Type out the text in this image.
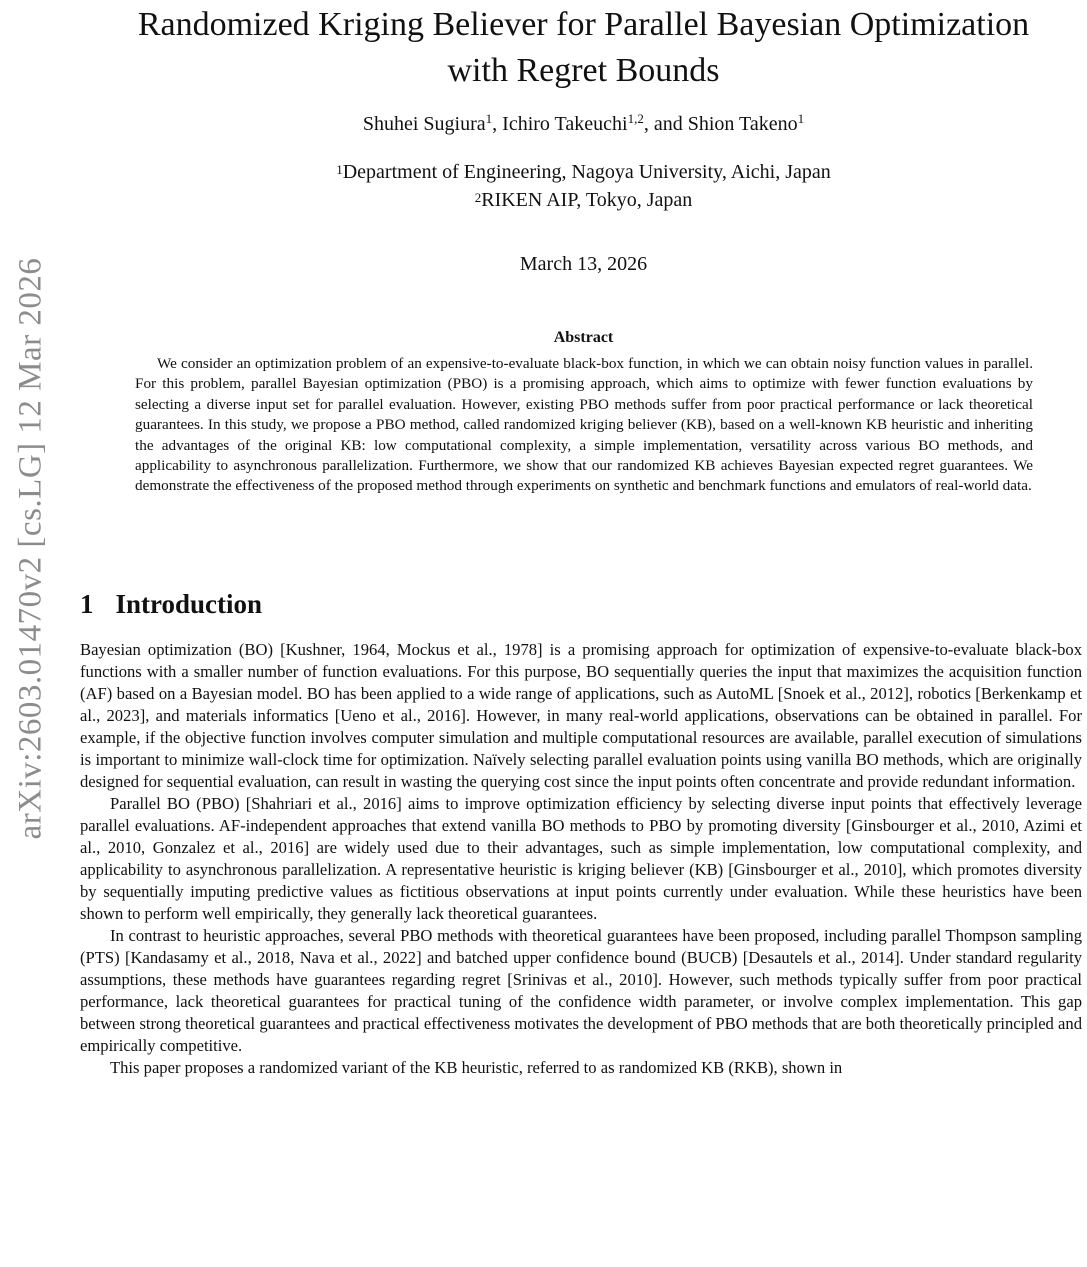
arXiv:2603.01470v2 [cs.LG] 12 Mar 2026
Randomized Kriging Believer for Parallel Bayesian Optimization
with Regret Bounds
Shuhei Sugiura$^1$, Ichiro Takeuchi$^{1,2}$, and Shion Takeno$^1$
$^1$Department of Engineering, Nagoya University, Aichi, Japan
$^2$RIKEN AIP, Tokyo, Japan
March 13, 2026
Abstract

We consider an optimization problem of an expensive-to-evaluate black-box function, in which we can obtain noisy function values in parallel. For this problem, parallel Bayesian optimization (PBO) is a promising approach, which aims to optimize with fewer function evaluations by selecting a diverse input set for parallel evaluation. However, existing PBO methods suffer from poor practical performance or lack theoretical guarantees. In this study, we propose a PBO method, called randomized kriging believer (KB), based on a well-known KB heuristic and inheriting the advantages of the original KB: low computational complexity, a simple implementation, versatility across various BO methods, and applicability to asynchronous parallelization. Furthermore, we show that our randomized KB achieves Bayesian expected regret guarantees. We demonstrate the effectiveness of the proposed method through experiments on synthetic and benchmark functions and emulators of real-world data.

1 Introduction

Bayesian optimization (BO) [Kushner, 1964, Mockus et al., 1978] is a promising approach for optimization of expensive-to-evaluate black-box functions with a smaller number of function evaluations. For this purpose, BO sequentially queries the input that maximizes the acquisition function (AF) based on a Bayesian model. BO has been applied to a wide range of applications, such as AutoML [Snoek et al., 2012], robotics [Berkenkamp et al., 2023], and materials informatics [Ueno et al., 2016]. However, in many real-world applications, observations can be obtained in parallel. For example, if the objective function involves computer simulation and multiple computational resources are available, parallel execution of simulations is important to minimize wall-clock time for optimization. Naïvely selecting parallel evaluation points using vanilla BO methods, which are originally designed for sequential evaluation, can result in wasting the querying cost since the input points often concentrate and provide redundant information.

Parallel BO (PBO) [Shahriari et al., 2016] aims to improve optimization efficiency by selecting diverse input points that effectively leverage parallel evaluations. AF-independent approaches that extend vanilla BO methods to PBO by promoting diversity [Ginsbourger et al., 2010, Azimi et al., 2010, Gonzalez et al., 2016] are widely used due to their advantages, such as simple implementation, low computational complexity, and applicability to asynchronous parallelization. A representative heuristic is kriging believer (KB) [Ginsbourger et al., 2010], which promotes diversity by sequentially imputing predictive values as fictitious observations at input points currently under evaluation. While these heuristics have been shown to perform well empirically, they generally lack theoretical guarantees.

In contrast to heuristic approaches, several PBO methods with theoretical guarantees have been proposed, including parallel Thompson sampling (PTS) [Kandasamy et al., 2018, Nava et al., 2022] and batched upper confidence bound (BUCB) [Desautels et al., 2014]. Under standard regularity assumptions, these methods have guarantees regarding regret [Srinivas et al., 2010]. However, such methods typically suffer from poor practical performance, lack theoretical guarantees for practical tuning of the confidence width parameter, or involve complex implementation. This gap between strong theoretical guarantees and practical effectiveness motivates the development of PBO methods that are both theoretically principled and empirically competitive.

This paper proposes a randomized variant of the KB heuristic, referred to as randomized KB (RKB), shown in
